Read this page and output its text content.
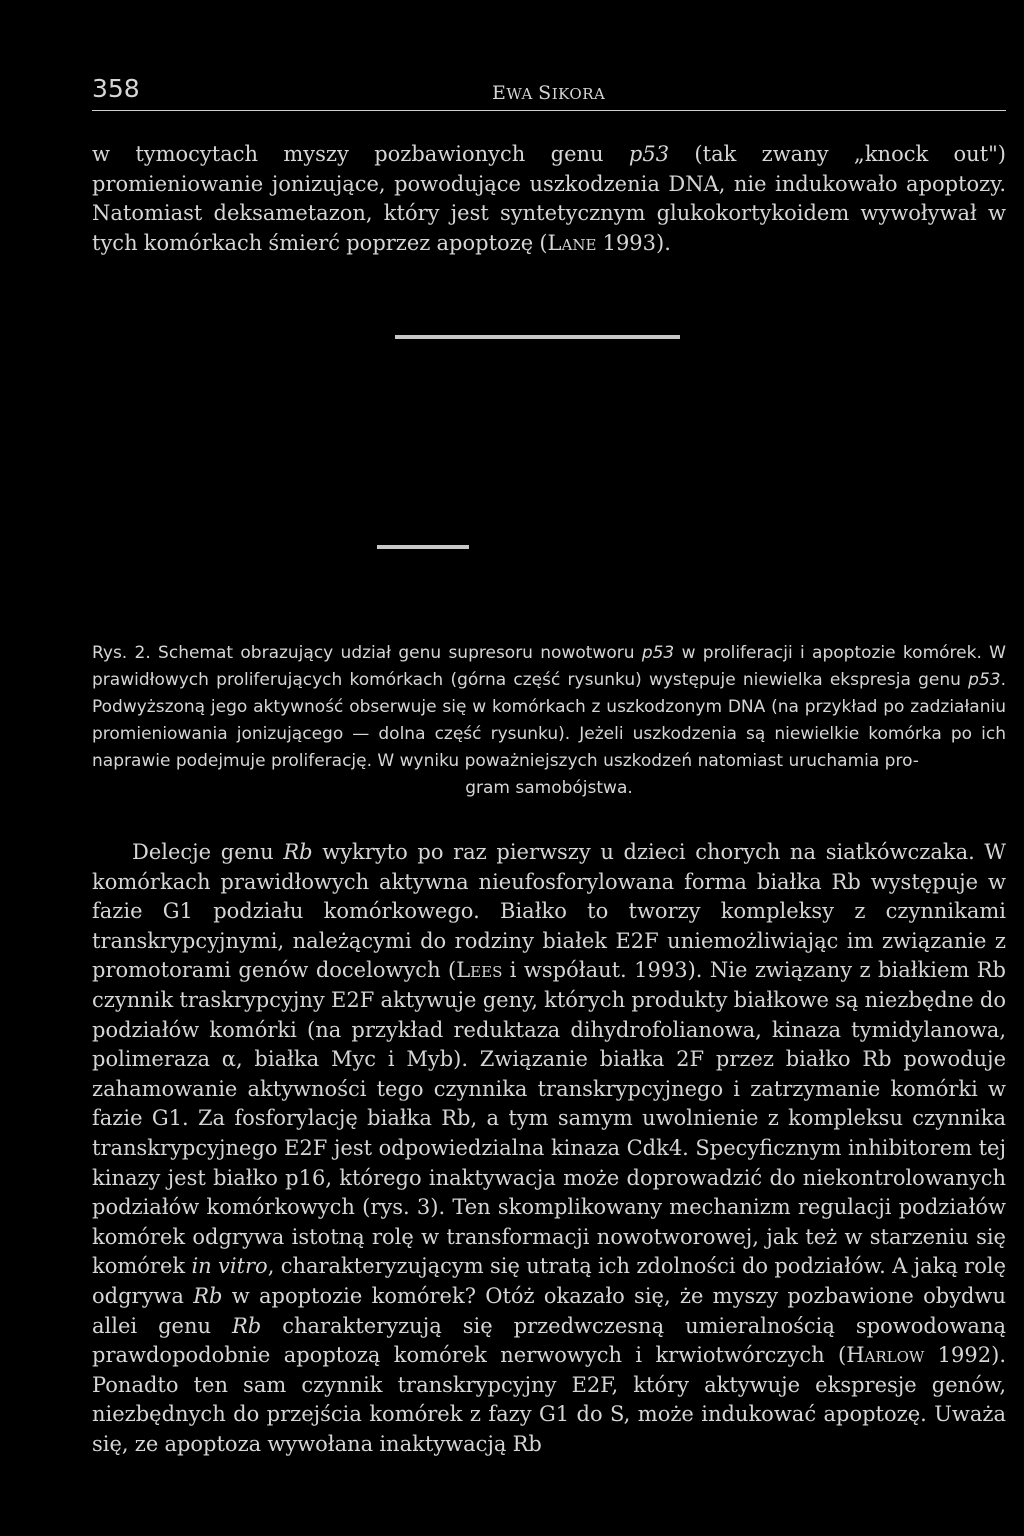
358	EWA SIKORA

w tymocytach myszy pozbawionych genu p53 (tak zwany „knock out") promieniowanie jonizujące, powodujące uszkodzenia DNA, nie indukowało apoptozy. Natomiast deksametazon, który jest syntetycznym glukokortykoidem wywoływał w tych komórkach śmierć poprzez apoptozę (Lane 1993).

Rys. 2. Schemat obrazujący udział genu supresoru nowotworu p53 w proliferacji i apoptozie komórek. W prawidłowych proliferujących komórkach (górna część rysunku) występuje niewielka ekspresja genu p53. Podwyższoną jego aktywność obserwuje się w komórkach z uszkodzonym DNA (na przykład po zadziałaniu promieniowania jonizującego — dolna część rysunku). Jeżeli uszkodzenia są niewielkie komórka po ich naprawie podejmuje proliferację. W wyniku poważniejszych uszkodzeń natomiast uruchamia pro-

gram samobójstwa.

Delecje genu Rb wykryto po raz pierwszy u dzieci chorych na siatkówczaka. W komórkach prawidłowych aktywna nieufosforylowana forma białka Rb występuje w fazie G1 podziału komórkowego. Białko to tworzy kompleksy z czynnikami transkrypcyjnymi, należącymi do rodziny białek E2F uniemożliwiając im związanie z promotorami genów docelowych (Lees i współaut. 1993). Nie związany z białkiem Rb czynnik traskrypcyjny E2F aktywuje geny, których produkty białkowe są niezbędne do podziałów komórki (na przykład reduktaza dihydrofolianowa, kinaza tymidylanowa, polimeraza α, białka Myc i Myb). Związanie białka 2F przez białko Rb powoduje zahamowanie aktywności tego czynnika transkrypcyjnego i zatrzymanie komórki w fazie G1. Za fosforylację białka Rb, a tym samym uwolnienie z kompleksu czynnika transkrypcyjnego E2F jest odpowiedzialna kinaza Cdk4. Specyficznym inhibitorem tej kinazy jest białko p16, którego inaktywacja może doprowadzić do niekontrolowanych podziałów komórkowych (rys. 3). Ten skomplikowany mechanizm regulacji podziałów komórek odgrywa istotną rolę w transformacji nowotworowej, jak też w starzeniu się komórek in vitro, charakteryzującym się utratą ich zdolności do podziałów. A jaką rolę odgrywa Rb w apoptozie komórek? Otóż okazało się, że myszy pozbawione obydwu allei genu Rb charakteryzują się przedwczesną umieralnością spowodowaną prawdopodobnie apoptozą komórek nerwowych i krwiotwórczych (Harlow 1992). Ponadto ten sam czynnik transkrypcyjny E2F, który aktywuje ekspresje genów, niezbędnych do przejścia komórek z fazy G1 do S, może indukować apoptozę. Uważa się, ze apoptoza wywołana inaktywacją Rb
